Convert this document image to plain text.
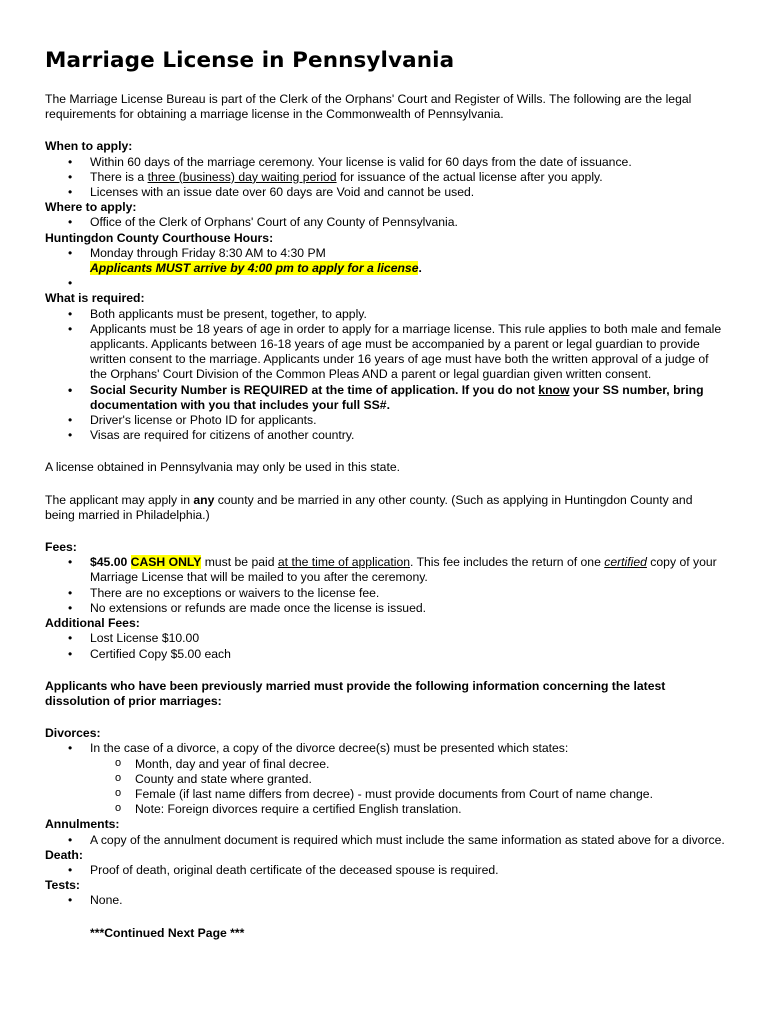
Marriage License in Pennsylvania

The Marriage License Bureau is part of the Clerk of the Orphans' Court and Register of Wills. The following are the legal requirements for obtaining a marriage license in the Commonwealth of Pennsylvania.

When to apply:
• Within 60 days of the marriage ceremony. Your license is valid for 60 days from the date of issuance.
• There is a three (business) day waiting period for issuance of the actual license after you apply.
• Licenses with an issue date over 60 days are Void and cannot be used.
Where to apply:
• Office of the Clerk of Orphans' Court of any County of Pennsylvania.
Huntingdon County Courthouse Hours:
• Monday through Friday 8:30 AM to 4:30 PM
Applicants MUST arrive by 4:00 pm to apply for a license.
•
What is required:
• Both applicants must be present, together, to apply.
• Applicants must be 18 years of age in order to apply for a marriage license. This rule applies to both male and female applicants. Applicants between 16-18 years of age must be accompanied by a parent or legal guardian to provide written consent to the marriage. Applicants under 16 years of age must have both the written approval of a judge of the Orphans' Court Division of the Common Pleas AND a parent or legal guardian given written consent.
• Social Security Number is REQUIRED at the time of application. If you do not know your SS number, bring documentation with you that includes your full SS#.
• Driver's license or Photo ID for applicants.
• Visas are required for citizens of another country.

A license obtained in Pennsylvania may only be used in this state.

The applicant may apply in any county and be married in any other county. (Such as applying in Huntingdon County and being married in Philadelphia.)

Fees:
• $45.00 CASH ONLY must be paid at the time of application. This fee includes the return of one certified copy of your Marriage License that will be mailed to you after the ceremony.
• There are no exceptions or waivers to the license fee.
• No extensions or refunds are made once the license is issued.
Additional Fees:
• Lost License $10.00
• Certified Copy $5.00 each

Applicants who have been previously married must provide the following information concerning the latest dissolution of prior marriages:

Divorces:
• In the case of a divorce, a copy of the divorce decree(s) must be presented which states:
o Month, day and year of final decree.
o County and state where granted.
o Female (if last name differs from decree) - must provide documents from Court of name change.
o Note: Foreign divorces require a certified English translation.
Annulments:
• A copy of the annulment document is required which must include the same information as stated above for a divorce.
Death:
• Proof of death, original death certificate of the deceased spouse is required.
Tests:
• None.
***Continued Next Page ***
